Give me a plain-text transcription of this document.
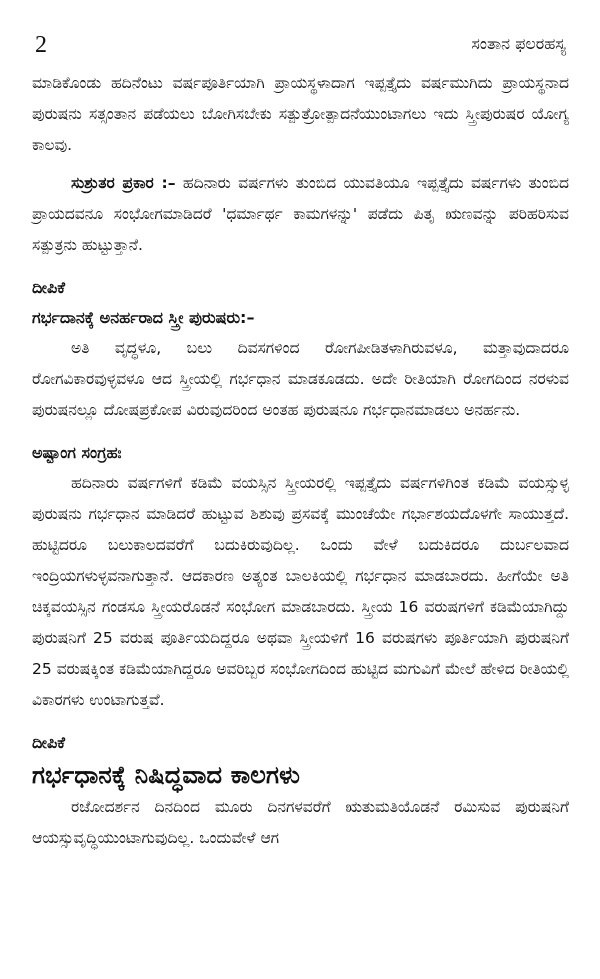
2	ಸಂತಾನ ಫಲರಹಸ್ಯ

ಮಾಡಿಕೊಂಡು ಹದಿನೆಂಟು ವರ್ಷಪೂರ್ತಿಯಾಗಿ ಪ್ರಾಯಸ್ಥಳಾದಾಗ ಇಪ್ಪತ್ತೈದು ವರ್ಷಮುಗಿದು ಪ್ರಾಯಸ್ಥನಾದ ಪುರುಷನು ಸತ್ಸಂತಾನ ಪಡೆಯಲು ಬೋಗಿಸಬೇಕು ಸತ್ಪುತ್ರೋತ್ಪಾದನೆಯುಂಟಾಗಲು ಇದು ಸ್ತ್ರೀಪುರುಷರ ಯೋಗ್ಯ ಕಾಲವು.

ಸುಶ್ರುತರ ಪ್ರಕಾರ :– ಹದಿನಾರು ವರ್ಷಗಳು ತುಂಬಿದ ಯುವತಿಯೂ ಇಪ್ಪತ್ತೈದು ವರ್ಷಗಳು ತುಂಬಿದ ಪ್ರಾಯದವನೂ ಸಂಭೋಗಮಾಡಿದರೆ 'ಧರ್ಮಾರ್ಥ ಕಾಮಗಳನ್ನು' ಪಡೆದು ಪಿತೃ ಋಣವನ್ನು ಪರಿಹರಿಸುವ ಸತ್ಪುತ್ರನು ಹುಟ್ಟುತ್ತಾನೆ.

ದೀಪಿಕೆ
ಗರ್ಭದಾನಕ್ಕೆ ಅನರ್ಹರಾದ ಸ್ತ್ರೀ ಪುರುಷರು:–

ಅತಿ ವೃದ್ಧಳೂ, ಬಲು ದಿವಸಗಳಿಂದ ರೋಗಪೀಡಿತಳಾಗಿರುವಳೂ, ಮತ್ತಾವುದಾದರೂ ರೋಗವಿಕಾರವುಳ್ಳವಳೂ ಆದ ಸ್ತ್ರೀಯಲ್ಲಿ ಗರ್ಭಧಾನ ಮಾಡಕೂಡದು. ಅದೇ ರೀತಿಯಾಗಿ ರೋಗದಿಂದ ನರಳುವ ಪುರುಷನಲ್ಲೂ ದೋಷಪ್ರಕೋಪ ವಿರುವುದರಿಂದ ಅಂತಹ ಪುರುಷನೂ ಗರ್ಭಧಾನಮಾಡಲು ಅನರ್ಹನು.

ಅಷ್ಟಾಂಗ ಸಂಗ್ರಹಃ

ಹದಿನಾರು ವರ್ಷಗಳಿಗೆ ಕಡಿಮೆ ವಯಸ್ಸಿನ ಸ್ತ್ರೀಯರಲ್ಲಿ ಇಪ್ಪತ್ತೈದು ವರ್ಷಗಳಿಗಿಂತ ಕಡಿಮೆ ವಯಸ್ಸುಳ್ಳ ಪುರುಷನು ಗರ್ಭಧಾನ ಮಾಡಿದರೆ ಹುಟ್ಟುವ ಶಿಶುವು ಪ್ರಸವಕ್ಕೆ ಮುಂಚೆಯೇ ಗರ್ಭಾಶಯದೊಳಗೇ ಸಾಯುತ್ತದೆ. ಹುಟ್ಟಿದರೂ ಬಲುಕಾಲದವರೆಗೆ ಬದುಕಿರುವುದಿಲ್ಲ. ಒಂದು ವೇಳೆ ಬದುಕಿದರೂ ದುರ್ಬಲವಾದ ಇಂದ್ರಿಯಗಳುಳ್ಳವನಾಗುತ್ತಾನೆ. ಆದಕಾರಣ ಅತ್ಯಂತ ಬಾಲಕಿಯಲ್ಲಿ ಗರ್ಭಧಾನ ಮಾಡಬಾರದು. ಹೀಗೆಯೇ ಅತಿ ಚಿಕ್ಕವಯಸ್ಸಿನ ಗಂಡಸೂ ಸ್ತ್ರೀಯರೊಡನೆ ಸಂಭೋಗ ಮಾಡಬಾರದು. ಸ್ತ್ರೀಯ 16 ವರುಷಗಳಿಗೆ ಕಡಿಮೆಯಾಗಿದ್ದು ಪುರುಷನಿಗೆ 25 ವರುಷ ಪೂರ್ತಿಯದಿದ್ದರೂ ಅಥವಾ ಸ್ತ್ರೀಯಳಿಗೆ 16 ವರುಷಗಳು ಪೂರ್ತಿಯಾಗಿ ಪುರುಷನಿಗೆ 25 ವರುಷಕ್ಕಿಂತ ಕಡಿಮೆಯಾಗಿದ್ದರೂ ಅವರಿಬ್ಬರ ಸಂಭೋಗದಿಂದ ಹುಟ್ಟಿದ ಮಗುವಿಗೆ ಮೇಲೆ ಹೇಳಿದ ರೀತಿಯಲ್ಲಿ ವಿಕಾರಗಳು ಉಂಟಾಗುತ್ತವೆ.

ದೀಪಿಕೆ
ಗರ್ಭಧಾನಕ್ಕೆ ನಿಷಿದ್ಧವಾದ ಕಾಲಗಳು

ರಜೋದರ್ಶನ ದಿನದಿಂದ ಮೂರು ದಿನಗಳವರೆಗೆ ಋತುಮತಿಯೊಡನೆ ರಮಿಸುವ ಪುರುಷನಿಗೆ ಆಯಸ್ಸುವೃದ್ಧಿಯುಂಟಾಗುವುದಿಲ್ಲ. ಒಂದುವೇಳೆ ಆಗ
